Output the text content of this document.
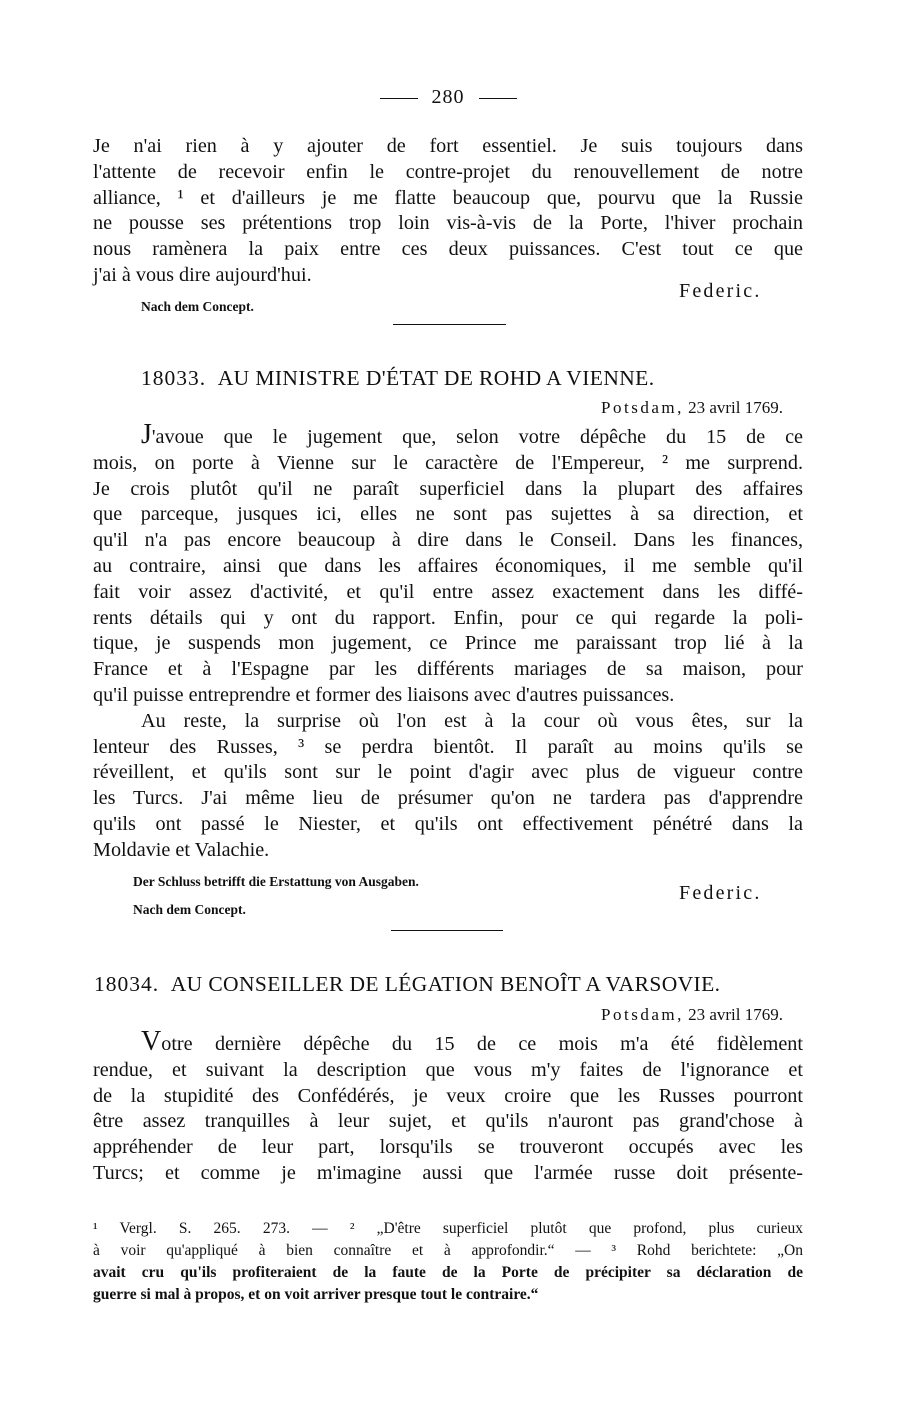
280

Je n'ai rien à y ajouter de fort essentiel. Je suis toujours dans

l'attente de recevoir enfin le contre-projet du renouvellement de notre

alliance, ¹ et d'ailleurs je me flatte beaucoup que, pourvu que la Russie

ne pousse ses prétentions trop loin vis-à-vis de la Porte, l'hiver prochain

nous ramènera la paix entre ces deux puissances. C'est tout ce que

j'ai à vous dire aujourd'hui.

Federic.
Nach dem Concept.
18033. AU MINISTRE D'ÉTAT DE ROHD A VIENNE.
Potsdam, 23 avril 1769.

J'avoue que le jugement que, selon votre dépêche du 15 de ce

mois, on porte à Vienne sur le caractère de l'Empereur, ² me surprend.

Je crois plutôt qu'il ne paraît superficiel dans la plupart des affaires

que parceque, jusques ici, elles ne sont pas sujettes à sa direction, et

qu'il n'a pas encore beaucoup à dire dans le Conseil. Dans les finances,

au contraire, ainsi que dans les affaires économiques, il me semble qu'il

fait voir assez d'activité, et qu'il entre assez exactement dans les diffé-

rents détails qui y ont du rapport. Enfin, pour ce qui regarde la poli-

tique, je suspends mon jugement, ce Prince me paraissant trop lié à la

France et à l'Espagne par les différents mariages de sa maison, pour

qu'il puisse entreprendre et former des liaisons avec d'autres puissances.

Au reste, la surprise où l'on est à la cour où vous êtes, sur la

lenteur des Russes, ³ se perdra bientôt. Il paraît au moins qu'ils se

réveillent, et qu'ils sont sur le point d'agir avec plus de vigueur contre

les Turcs. J'ai même lieu de présumer qu'on ne tardera pas d'apprendre

qu'ils ont passé le Niester, et qu'ils ont effectivement pénétré dans la

Moldavie et Valachie.

Der Schluss betrifft die Erstattung von Ausgaben.
Federic.
Nach dem Concept.
18034. AU CONSEILLER DE LÉGATION BENOÎT A VARSOVIE.
Potsdam, 23 avril 1769.

Votre dernière dépêche du 15 de ce mois m'a été fidèlement

rendue, et suivant la description que vous m'y faites de l'ignorance et

de la stupidité des Confédérés, je veux croire que les Russes pourront

être assez tranquilles à leur sujet, et qu'ils n'auront pas grand'chose à

appréhender de leur part, lorsqu'ils se trouveront occupés avec les

Turcs; et comme je m'imagine aussi que l'armée russe doit présente-

¹ Vergl. S. 265. 273. — ² „D'être superficiel plutôt que profond, plus curieux

à voir qu'appliqué à bien connaître et à approfondir.“ — ³ Rohd berichtete: „On

avait cru qu'ils profiteraient de la faute de la Porte de précipiter sa déclaration de

guerre si mal à propos, et on voit arriver presque tout le contraire.“
